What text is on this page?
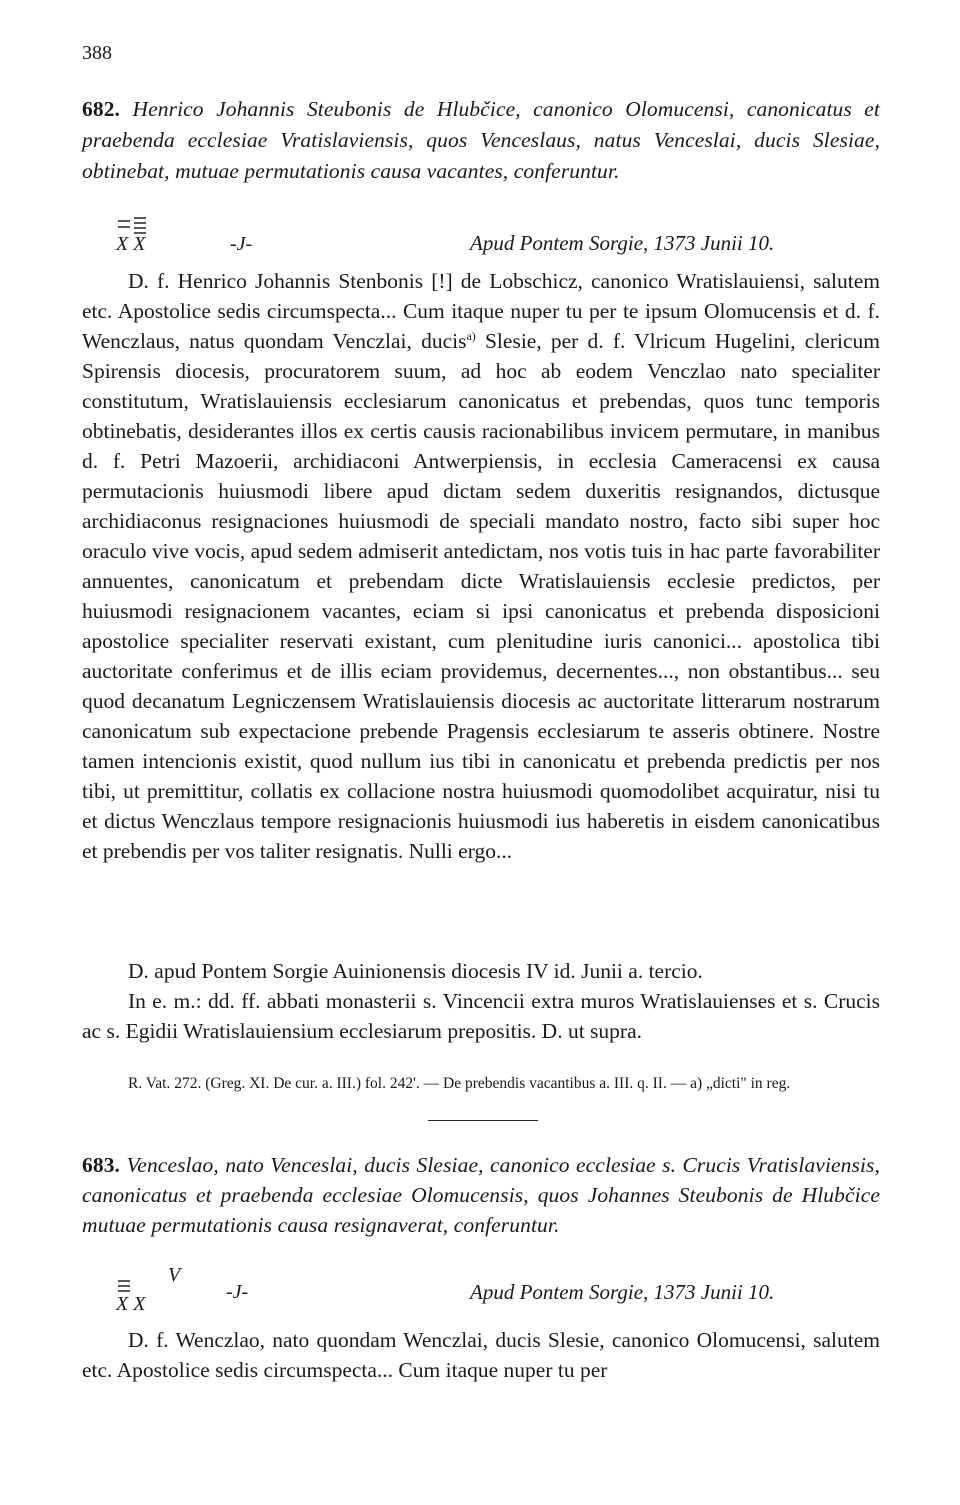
388
682. Henrico Johannis Steubonis de Hlubčice, canonico Olomucensi, canonicatus et praebenda ecclesiae Vratislaviensis, quos Venceslaus, natus Venceslai, ducis Slesiae, obtinebat, mutuae permutationis causa vacantes, conferuntur.
X X	-J-	Apud Pontem Sorgie, 1373 Junii 10.
D. f. Henrico Johannis Stenbonis [!] de Lobschicz, canonico Wratislauiensi, salutem etc. Apostolice sedis circumspecta... Cum itaque nuper tu per te ipsum Olomucensis et d. f. Wenczlaus, natus quondam Venczlai, ducis$^{a)}$ Slesie, per d. f. Vlricum Hugelini, clericum Spirensis diocesis, procuratorem suum, ad hoc ab eodem Venczlao nato specialiter constitutum, Wratislauiensis ecclesiarum canonicatus et prebendas, quos tunc temporis obtinebatis, desiderantes illos ex certis causis racionabilibus invicem permutare, in manibus d. f. Petri Mazoerii, archidiaconi Antwerpiensis, in ecclesia Cameracensi ex causa permutacionis huiusmodi libere apud dictam sedem duxeritis resignandos, dictusque archidiaconus resignaciones huiusmodi de speciali mandato nostro, facto sibi super hoc oraculo vive vocis, apud sedem admiserit antedictam, nos votis tuis in hac parte favorabiliter annuentes, canonicatum et prebendam dicte Wratislauiensis ecclesie predictos, per huiusmodi resignacionem vacantes, eciam si ipsi canonicatus et prebenda disposicioni apostolice specialiter reservati existant, cum plenitudine iuris canonici... apostolica tibi auctoritate conferimus et de illis eciam providemus, decernentes..., non obstantibus... seu quod decanatum Legniczensem Wratislauiensis diocesis ac auctoritate litterarum nostrarum canonicatum sub expectacione prebende Pragensis ecclesiarum te asseris obtinere. Nostre tamen intencionis existit, quod nullum ius tibi in canonicatu et prebenda predictis per nos tibi, ut premittitur, collatis ex collacione nostra huiusmodi quomodolibet acquiratur, nisi tu et dictus Wenczlaus tempore resignacionis huiusmodi ius haberetis in eisdem canonicatibus et prebendis per vos taliter resignatis. Nulli ergo...
D. apud Pontem Sorgie Auinionensis diocesis IV id. Junii a. tercio.
In e. m.: dd. ff. abbati monasterii s. Vincencii extra muros Wratislauienses et s. Crucis ac s. Egidii Wratislauiensium ecclesiarum prepositis. D. ut supra.
R. Vat. 272. (Greg. XI. De cur. a. III.) fol. 242'. — De prebendis vacantibus a. III. q. II. — a) „dicti" in reg.
683. Venceslao, nato Venceslai, ducis Slesiae, canonico ecclesiae s. Crucis Vratislaviensis, canonicatus et praebenda ecclesiae Olomucensis, quos Johannes Steubonis de Hlubčice mutuae permutationis causa resignaverat, conferuntur.
V
X X
-J-	Apud Pontem Sorgie, 1373 Junii 10.
D. f. Wenczlao, nato quondam Wenczlai, ducis Slesie, canonico Olomucensi, salutem etc. Apostolice sedis circumspecta... Cum itaque nuper tu per
